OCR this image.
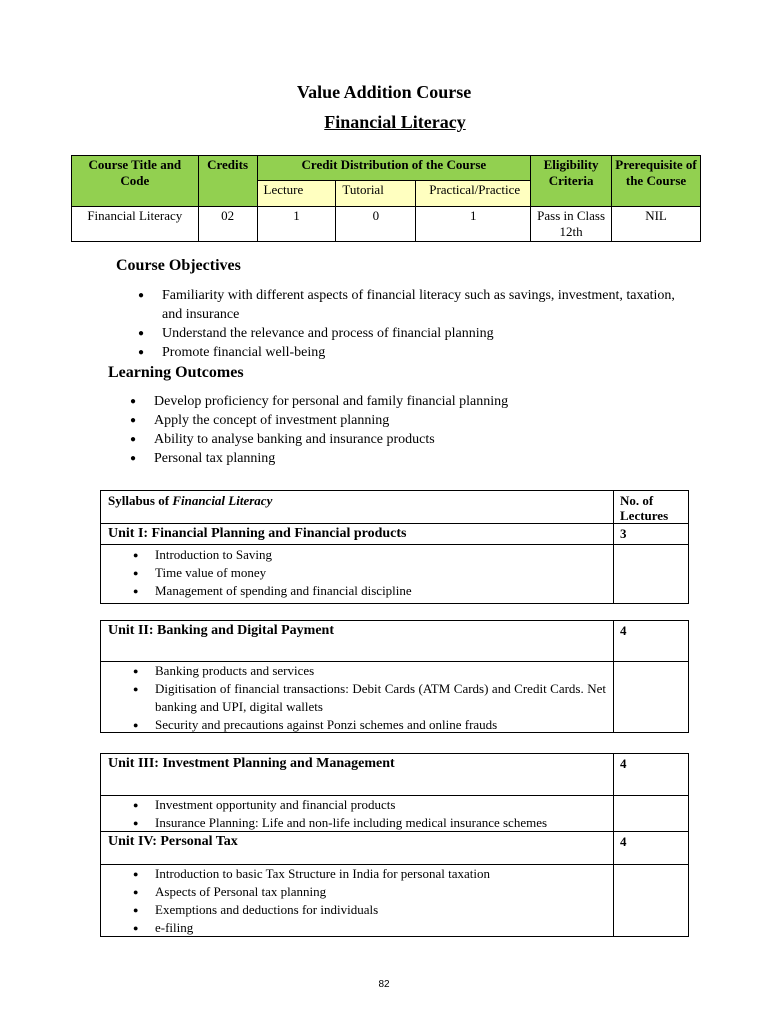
Value Addition Course
Financial Literacy
Course Title and Code	Credits	Credit Distribution of the Course			Eligibility Criteria	Prerequisite of the Course
		Lecture	Tutorial	Practical/Practice		
Financial Literacy	02	1	0	1	Pass in Class 12th	NIL
Course Objectives
● Familiarity with different aspects of financial literacy such as savings, investment, taxation, and insurance
● Understand the relevance and process of financial planning
● Promote financial well-being
Learning Outcomes
● Develop proficiency for personal and family financial planning
● Apply the concept of investment planning
● Ability to analyse banking and insurance products
● Personal tax planning
Syllabus of Financial Literacy	No. of Lectures
Unit I: Financial Planning and Financial products	3
● Introduction to Saving
● Time value of money
● Management of spending and financial discipline
Unit II: Banking and Digital Payment	4
● Banking products and services
● Digitisation of financial transactions: Debit Cards (ATM Cards) and Credit Cards. Net banking and UPI, digital wallets
● Security and precautions against Ponzi schemes and online frauds
Unit III: Investment Planning and Management	4
● Investment opportunity and financial products
● Insurance Planning: Life and non-life including medical insurance schemes
Unit IV: Personal Tax	4
● Introduction to basic Tax Structure in India for personal taxation
● Aspects of Personal tax planning
● Exemptions and deductions for individuals
● e-filing
82
